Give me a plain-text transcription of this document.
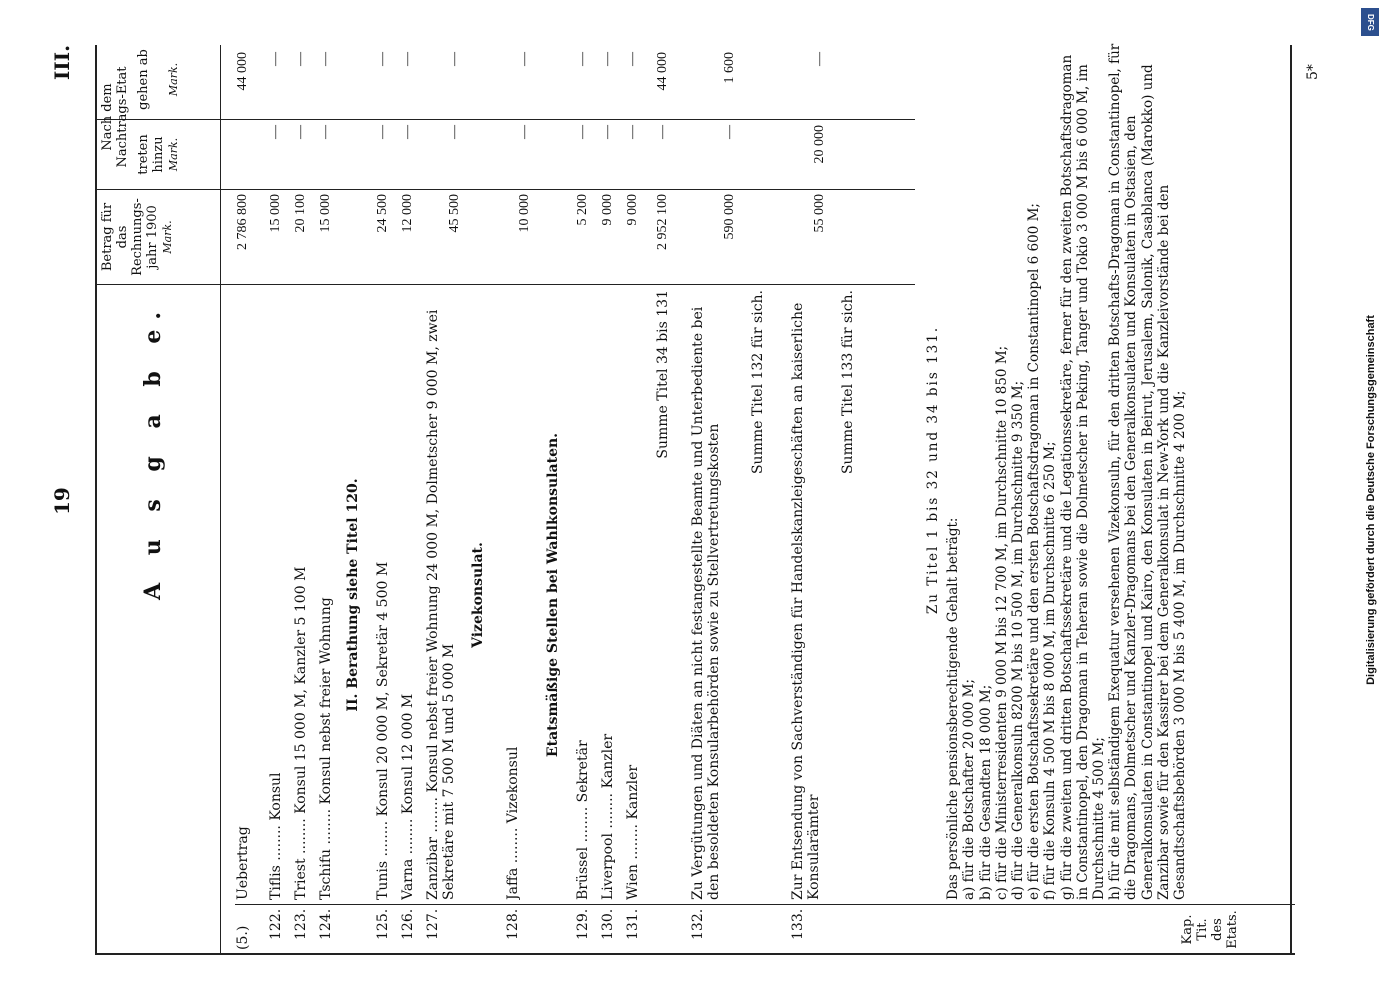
19
III.
A u s g a b e.
Kap. Tit.
des Etats.
Betrag für das Rechnungs-jahr 1900 Mark.
Nach dem Nachtrags-Etat treten hinzu
gehen ab
Mark.
Mark.
(5.)
Uebertrag
2 786 800
44 000
122.
Tiflis ........ Konsul
15 000
—
—
123.
Triest ........ Konsul 15 000 M, Kanzler 5 100 M
20 100
—
—
124.
Tschifu ........ Konsul nebst freier Wohnung
15 000
—
—
II. Berathung siehe Titel 120.
125.
Tunis ........ Konsul 20 000 M, Sekretär 4 500 M
24 500
—
—
126.
Varna ........ Konsul 12 000 M
12 000
—
—
127.
Zanzibar ........ Konsul nebst freier Wohnung 24 000 M, Dolmetscher 9 000 M, zwei Sekretäre mit 7 500 M und 5 000 M
45 500
—
—
Vizekonsulat.
128.
Jaffa ........ Vizekonsul
10 000
—
—
Etatsmäßige Stellen bei Wahlkonsulaten.
129.
Brüssel ........ Sekretär
5 200
—
—
130.
Liverpool ........ Kanzler
9 000
—
—
131.
Wien ........ Kanzler
9 000
—
—
Summe Titel 34 bis 131
2 952 100
—
44 000
132.
Zu Vergütungen und Diäten an nicht festangestellte Beamte und Unterbediente bei den besoldeten Konsularbehörden sowie zu Stellvertretungskosten
590 000
—
1 600
Summe Titel 132 für sich.
133.
Zur Entsendung von Sachverständigen für Handelskanzleigeschäften an kaiserliche Konsularämter
55 000
20 000
—
Summe Titel 133 für sich.	Zu Titel 1 bis 32 und 34 bis 131.
Das persönliche pensionsberechtigende Gehalt beträgt: a) für die Botschafter 20 000 M; b) für die Gesandten 18 000 M; c) für die Ministerresidenten 9 000 M bis 12 700 M, im Durchschnitte 10 850 M; d) für die Generalkonsuln 8200 M bis 10 500 M, im Durchschnitte 9 350 M; e) für die ersten Botschaftssekretäre und den ersten Botschaftsdragoman in Constantinopel 6 600 M; f) für die Konsuln 4 500 M bis 8 000 M, im Durchschnitte 6 250 M; g) für die zweiten und dritten Botschaftssekretäre und die Legationssekretäre, ferner für den zweiten Botschaftsdragoman in Constantinopel, den Dragoman in Teheran sowie die Dolmetscher in Peking, Tanger und Tokio 3 000 M bis 6 000 M, im Durchschnitte 4 500 M; h) für die mit selbständigem Exequatur versehenen Vizekonsuln, für den dritten Botschafts-Dragoman in Constantinopel, für die Dragomans, Dolmetscher und Kanzler-Dragomans bei den Generalkonsulaten und Konsulaten in Ostasien, den Generalkonsulaten in Constantinopel und Kairo, den Konsulaten in Beirut, Jerusalem, Salonik, Casablanca (Marokko) und Zanzibar sowie für den Kassirer bei dem Generalkonsulat in New-York und die Kanzleivorstände bei den Gesandtschaftsbehörden 3 000 M bis 5 400 M, im Durchschnitte 4 200 M;
5*
DFG
Digitalisierung gefördert durch die Deutsche Forschungsgemeinschaft
